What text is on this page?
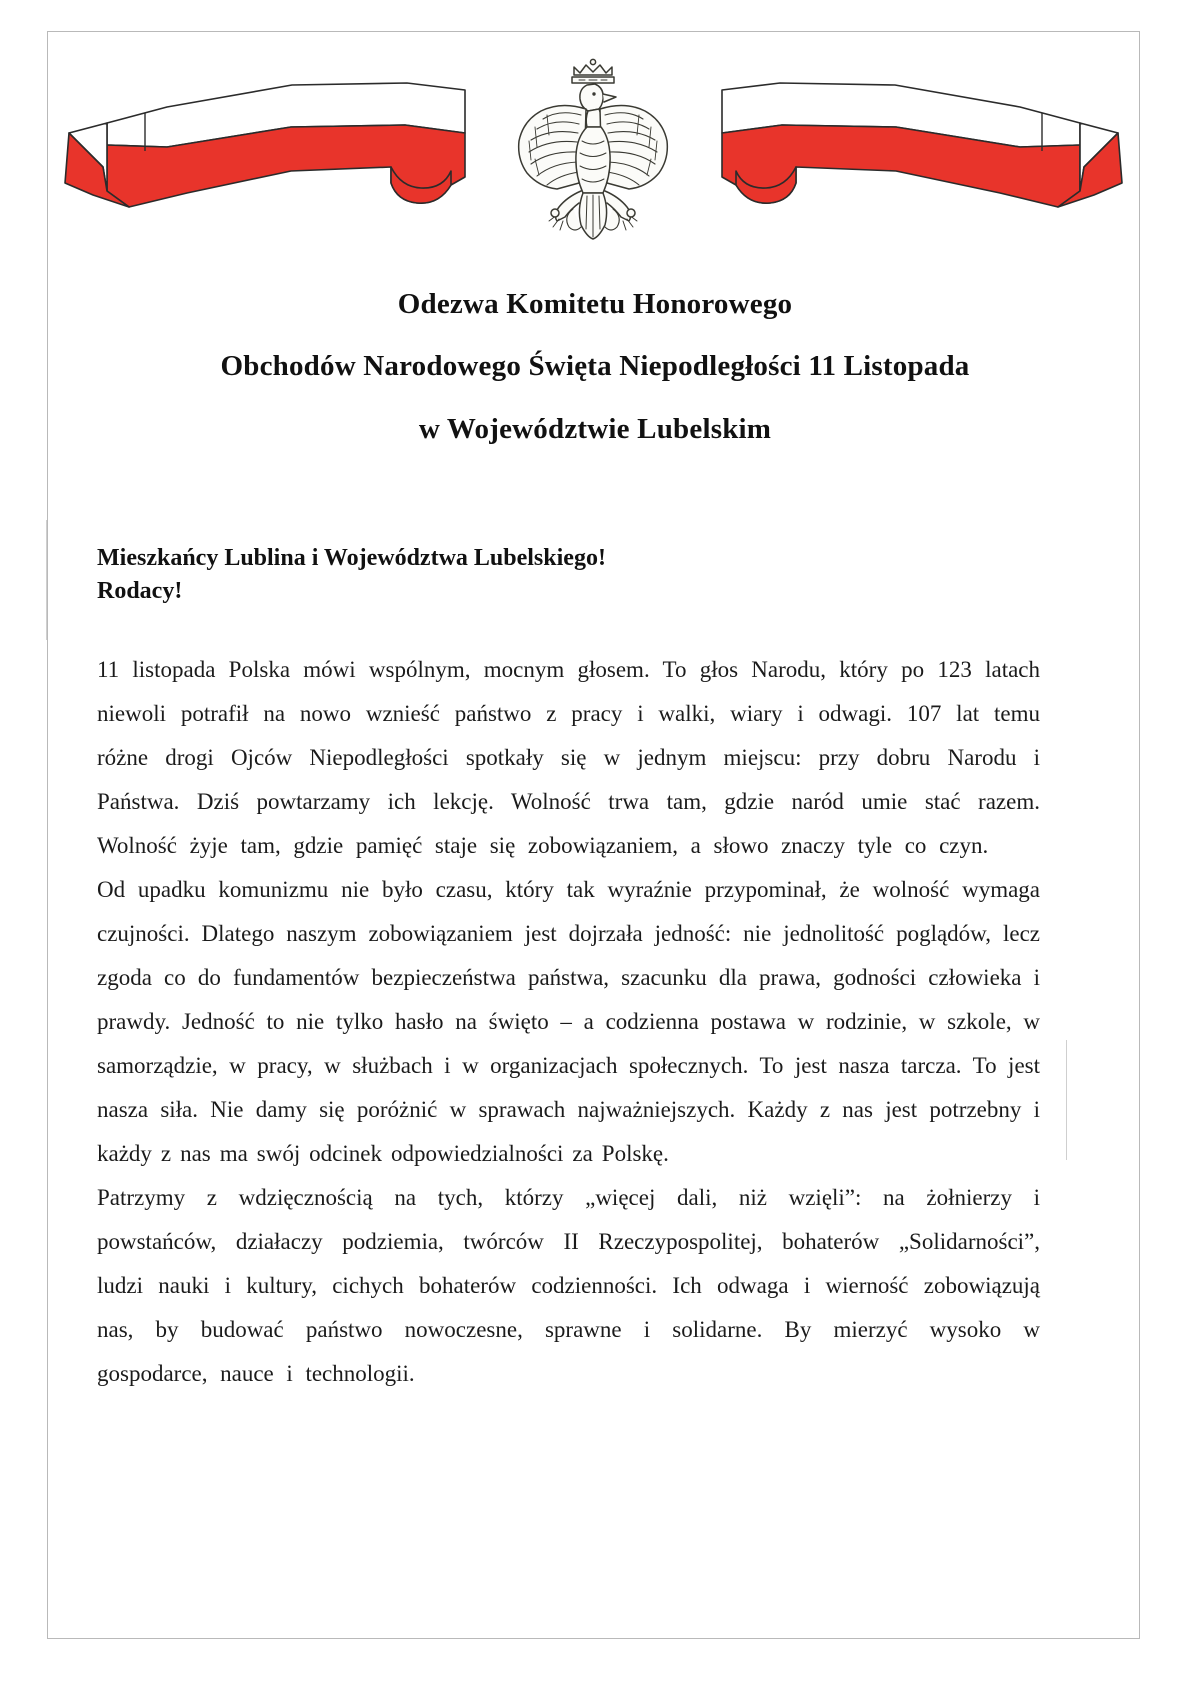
Odezwa Komitetu Honorowego
Obchodów Narodowego Święta Niepodległości 11 Listopada
w Województwie Lubelskim
Mieszkańcy Lublina i Województwa Lubelskiego!
Rodacy!

11 listopada Polska mówi wspólnym, mocnym głosem. To głos Narodu, który po 123 latach niewoli potrafił na nowo wznieść państwo z pracy i walki, wiary i odwagi. 107 lat temu różne drogi Ojców Niepodległości spotkały się w jednym miejscu: przy dobru Narodu i Państwa. Dziś powtarzamy ich lekcję. Wolność trwa tam, gdzie naród umie stać razem. Wolność żyje tam, gdzie pamięć staje się zobowiązaniem, a słowo znaczy tyle co czyn.

Od upadku komunizmu nie było czasu, który tak wyraźnie przypominał, że wolność wymaga czujności. Dlatego naszym zobowiązaniem jest dojrzała jedność: nie jednolitość poglądów, lecz zgoda co do fundamentów bezpieczeństwa państwa, szacunku dla prawa, godności człowieka i prawdy. Jedność to nie tylko hasło na święto – a codzienna postawa w rodzinie, w szkole, w samorządzie, w pracy, w służbach i w organizacjach społecznych. To jest nasza tarcza. To jest nasza siła. Nie damy się poróżnić w sprawach najważniejszych. Każdy z nas jest potrzebny i każdy z nas ma swój odcinek odpowiedzialności za Polskę.

Patrzymy z wdzięcznością na tych, którzy „więcej dali, niż wzięli”: na żołnierzy i powstańców, działaczy podziemia, twórców II Rzeczypospolitej, bohaterów „Solidarności”, ludzi nauki i kultury, cichych bohaterów codzienności. Ich odwaga i wierność zobowiązują nas, by budować państwo nowoczesne, sprawne i solidarne. By mierzyć wysoko w gospodarce, nauce i technologii.
